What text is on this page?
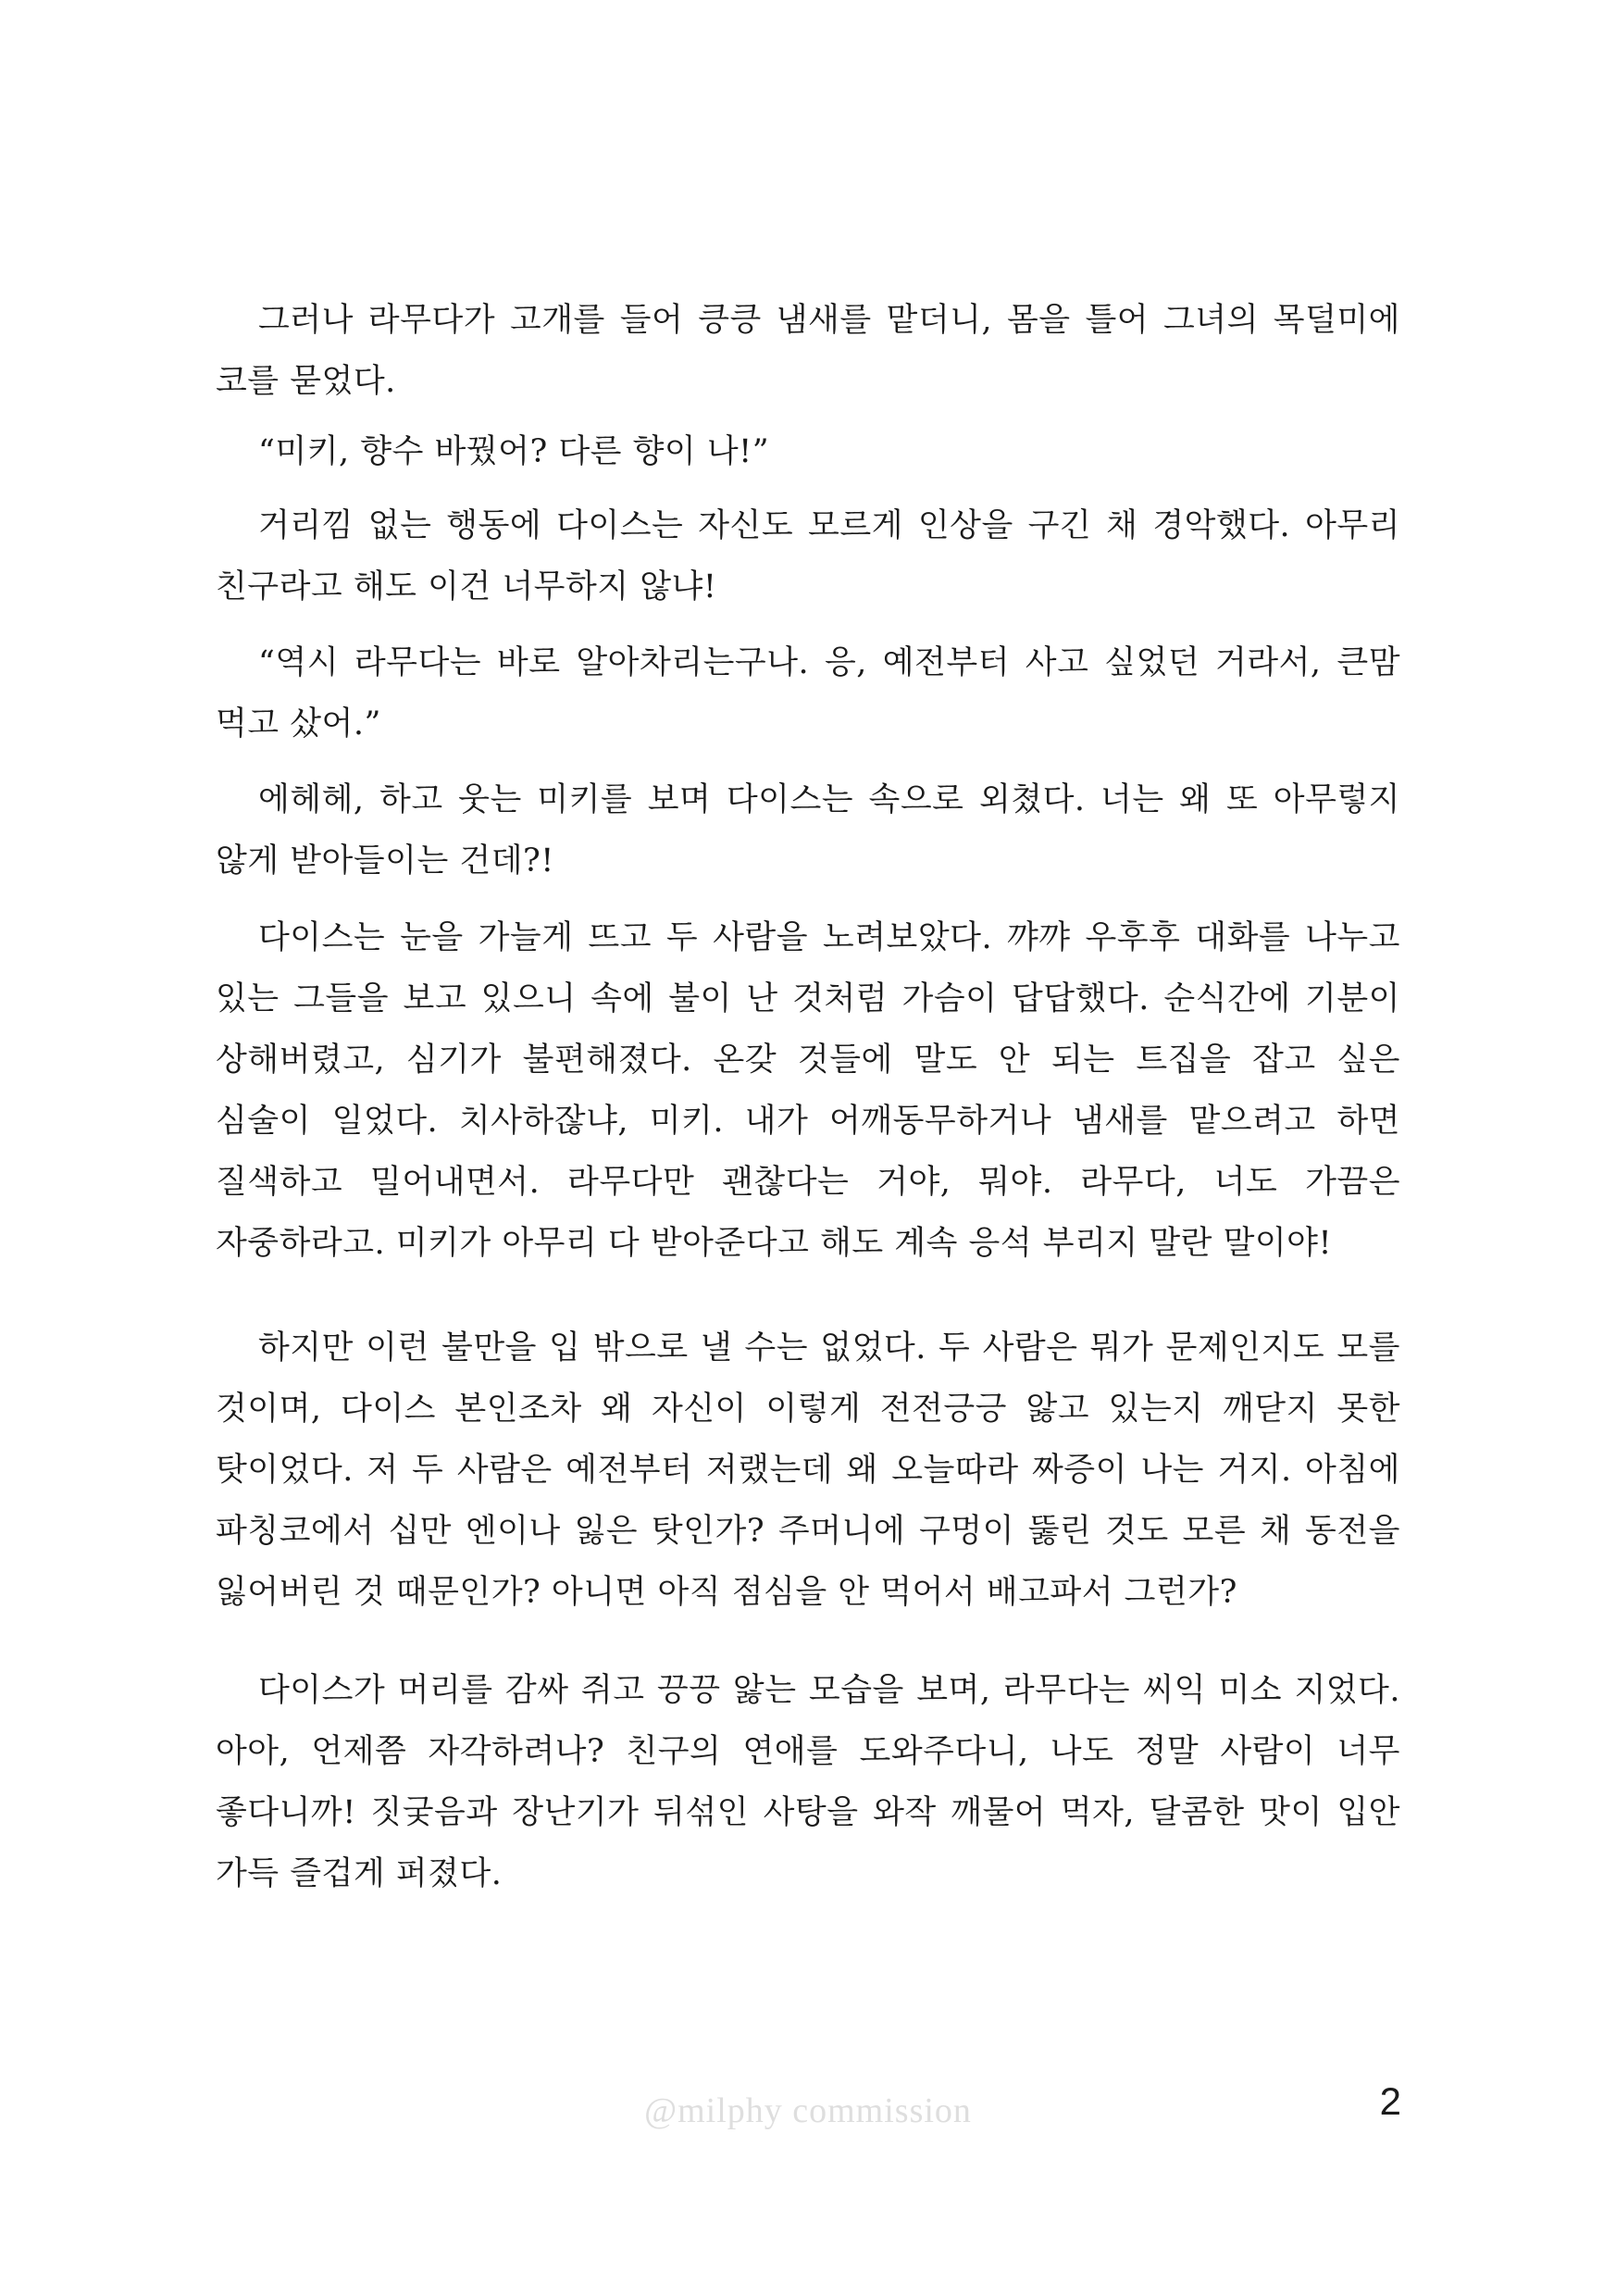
그러나 라무다가 고개를 들어 킁킁 냄새를 맡더니, 몸을 틀어 그녀의 목덜미에 코를 묻었다.

“미키, 향수 바꿨어? 다른 향이 나!”

거리낌 없는 행동에 다이스는 자신도 모르게 인상을 구긴 채 경악했다. 아무리 친구라고 해도 이건 너무하지 않냐!

“역시 라무다는 바로 알아차리는구나. 응, 예전부터 사고 싶었던 거라서, 큰맘 먹고 샀어.”

에헤헤, 하고 웃는 미키를 보며 다이스는 속으로 외쳤다. 너는 왜 또 아무렇지 않게 받아들이는 건데?!

다이스는 눈을 가늘게 뜨고 두 사람을 노려보았다. 꺄꺄 우후후 대화를 나누고 있는 그들을 보고 있으니 속에 불이 난 것처럼 가슴이 답답했다. 순식간에 기분이 상해버렸고, 심기가 불편해졌다. 온갖 것들에 말도 안 되는 트집을 잡고 싶은 심술이 일었다. 치사하잖냐, 미키. 내가 어깨동무하거나 냄새를 맡으려고 하면 질색하고 밀어내면서. 라무다만 괜찮다는 거야, 뭐야. 라무다, 너도 가끔은 자중하라고. 미키가 아무리 다 받아준다고 해도 계속 응석 부리지 말란 말이야!

하지만 이런 불만을 입 밖으로 낼 수는 없었다. 두 사람은 뭐가 문제인지도 모를 것이며, 다이스 본인조차 왜 자신이 이렇게 전전긍긍 앓고 있는지 깨닫지 못한 탓이었다. 저 두 사람은 예전부터 저랬는데 왜 오늘따라 짜증이 나는 거지. 아침에 파칭코에서 십만 엔이나 잃은 탓인가? 주머니에 구멍이 뚫린 것도 모른 채 동전을 잃어버린 것 때문인가? 아니면 아직 점심을 안 먹어서 배고파서 그런가?

다이스가 머리를 감싸 쥐고 끙끙 앓는 모습을 보며, 라무다는 씨익 미소 지었다. 아아, 언제쯤 자각하려나? 친구의 연애를 도와주다니, 나도 정말 사람이 너무 좋다니까! 짓궂음과 장난기가 뒤섞인 사탕을 와작 깨물어 먹자, 달콤한 맛이 입안 가득 즐겁게 퍼졌다.

@milphy commission	2
